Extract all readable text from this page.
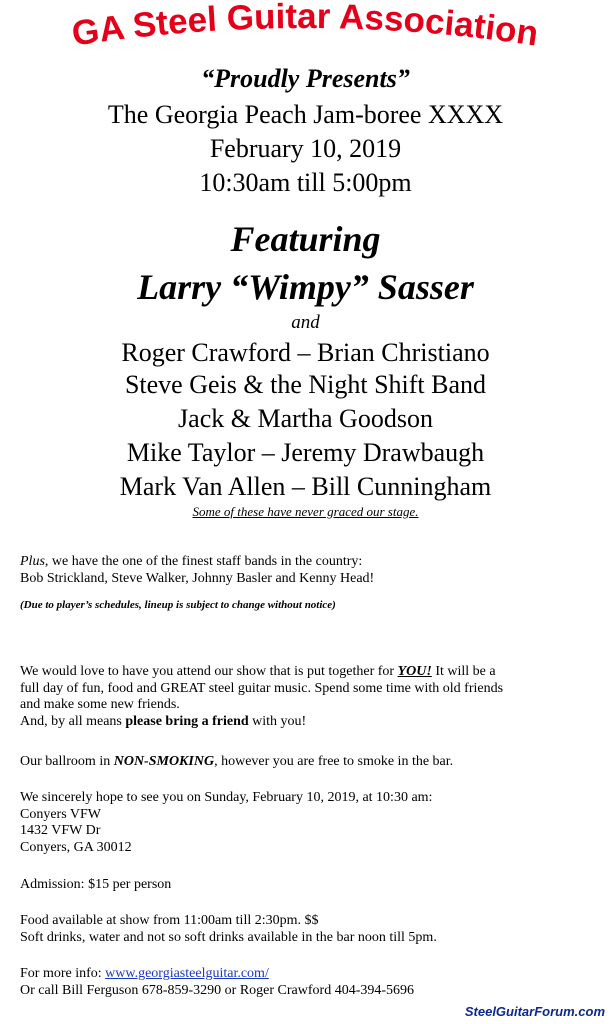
GA Steel Guitar Association
“Proudly Presents”
The Georgia Peach Jam-boree XXXX
February 10, 2019
10:30am till 5:00pm
Featuring
Larry “Wimpy” Sasser
and
Roger Crawford – Brian Christiano
Steve Geis & the Night Shift Band
Jack & Martha Goodson
Mike Taylor – Jeremy Drawbaugh
Mark Van Allen – Bill Cunningham
Some of these have never graced our stage.
Plus, we have the one of the finest staff bands in the country:
Bob Strickland, Steve Walker, Johnny Basler and Kenny Head!
(Due to player’s schedules, lineup is subject to change without notice)
We would love to have you attend our show that is put together for YOU! It will be a
full day of fun, food and GREAT steel guitar music. Spend some time with old friends
and make some new friends.
And, by all means please bring a friend with you!
Our ballroom in NON-SMOKING, however you are free to smoke in the bar.
We sincerely hope to see you on Sunday, February 10, 2019, at 10:30 am:
Conyers VFW
1432 VFW Dr
Conyers, GA 30012
Admission: $15 per person
Food available at show from 11:00am till 2:30pm. $$
Soft drinks, water and not so soft drinks available in the bar noon till 5pm.
For more info: www.georgiasteelguitar.com/
Or call Bill Ferguson 678-859-3290 or Roger Crawford 404-394-5696
SteelGuitarForum.com
